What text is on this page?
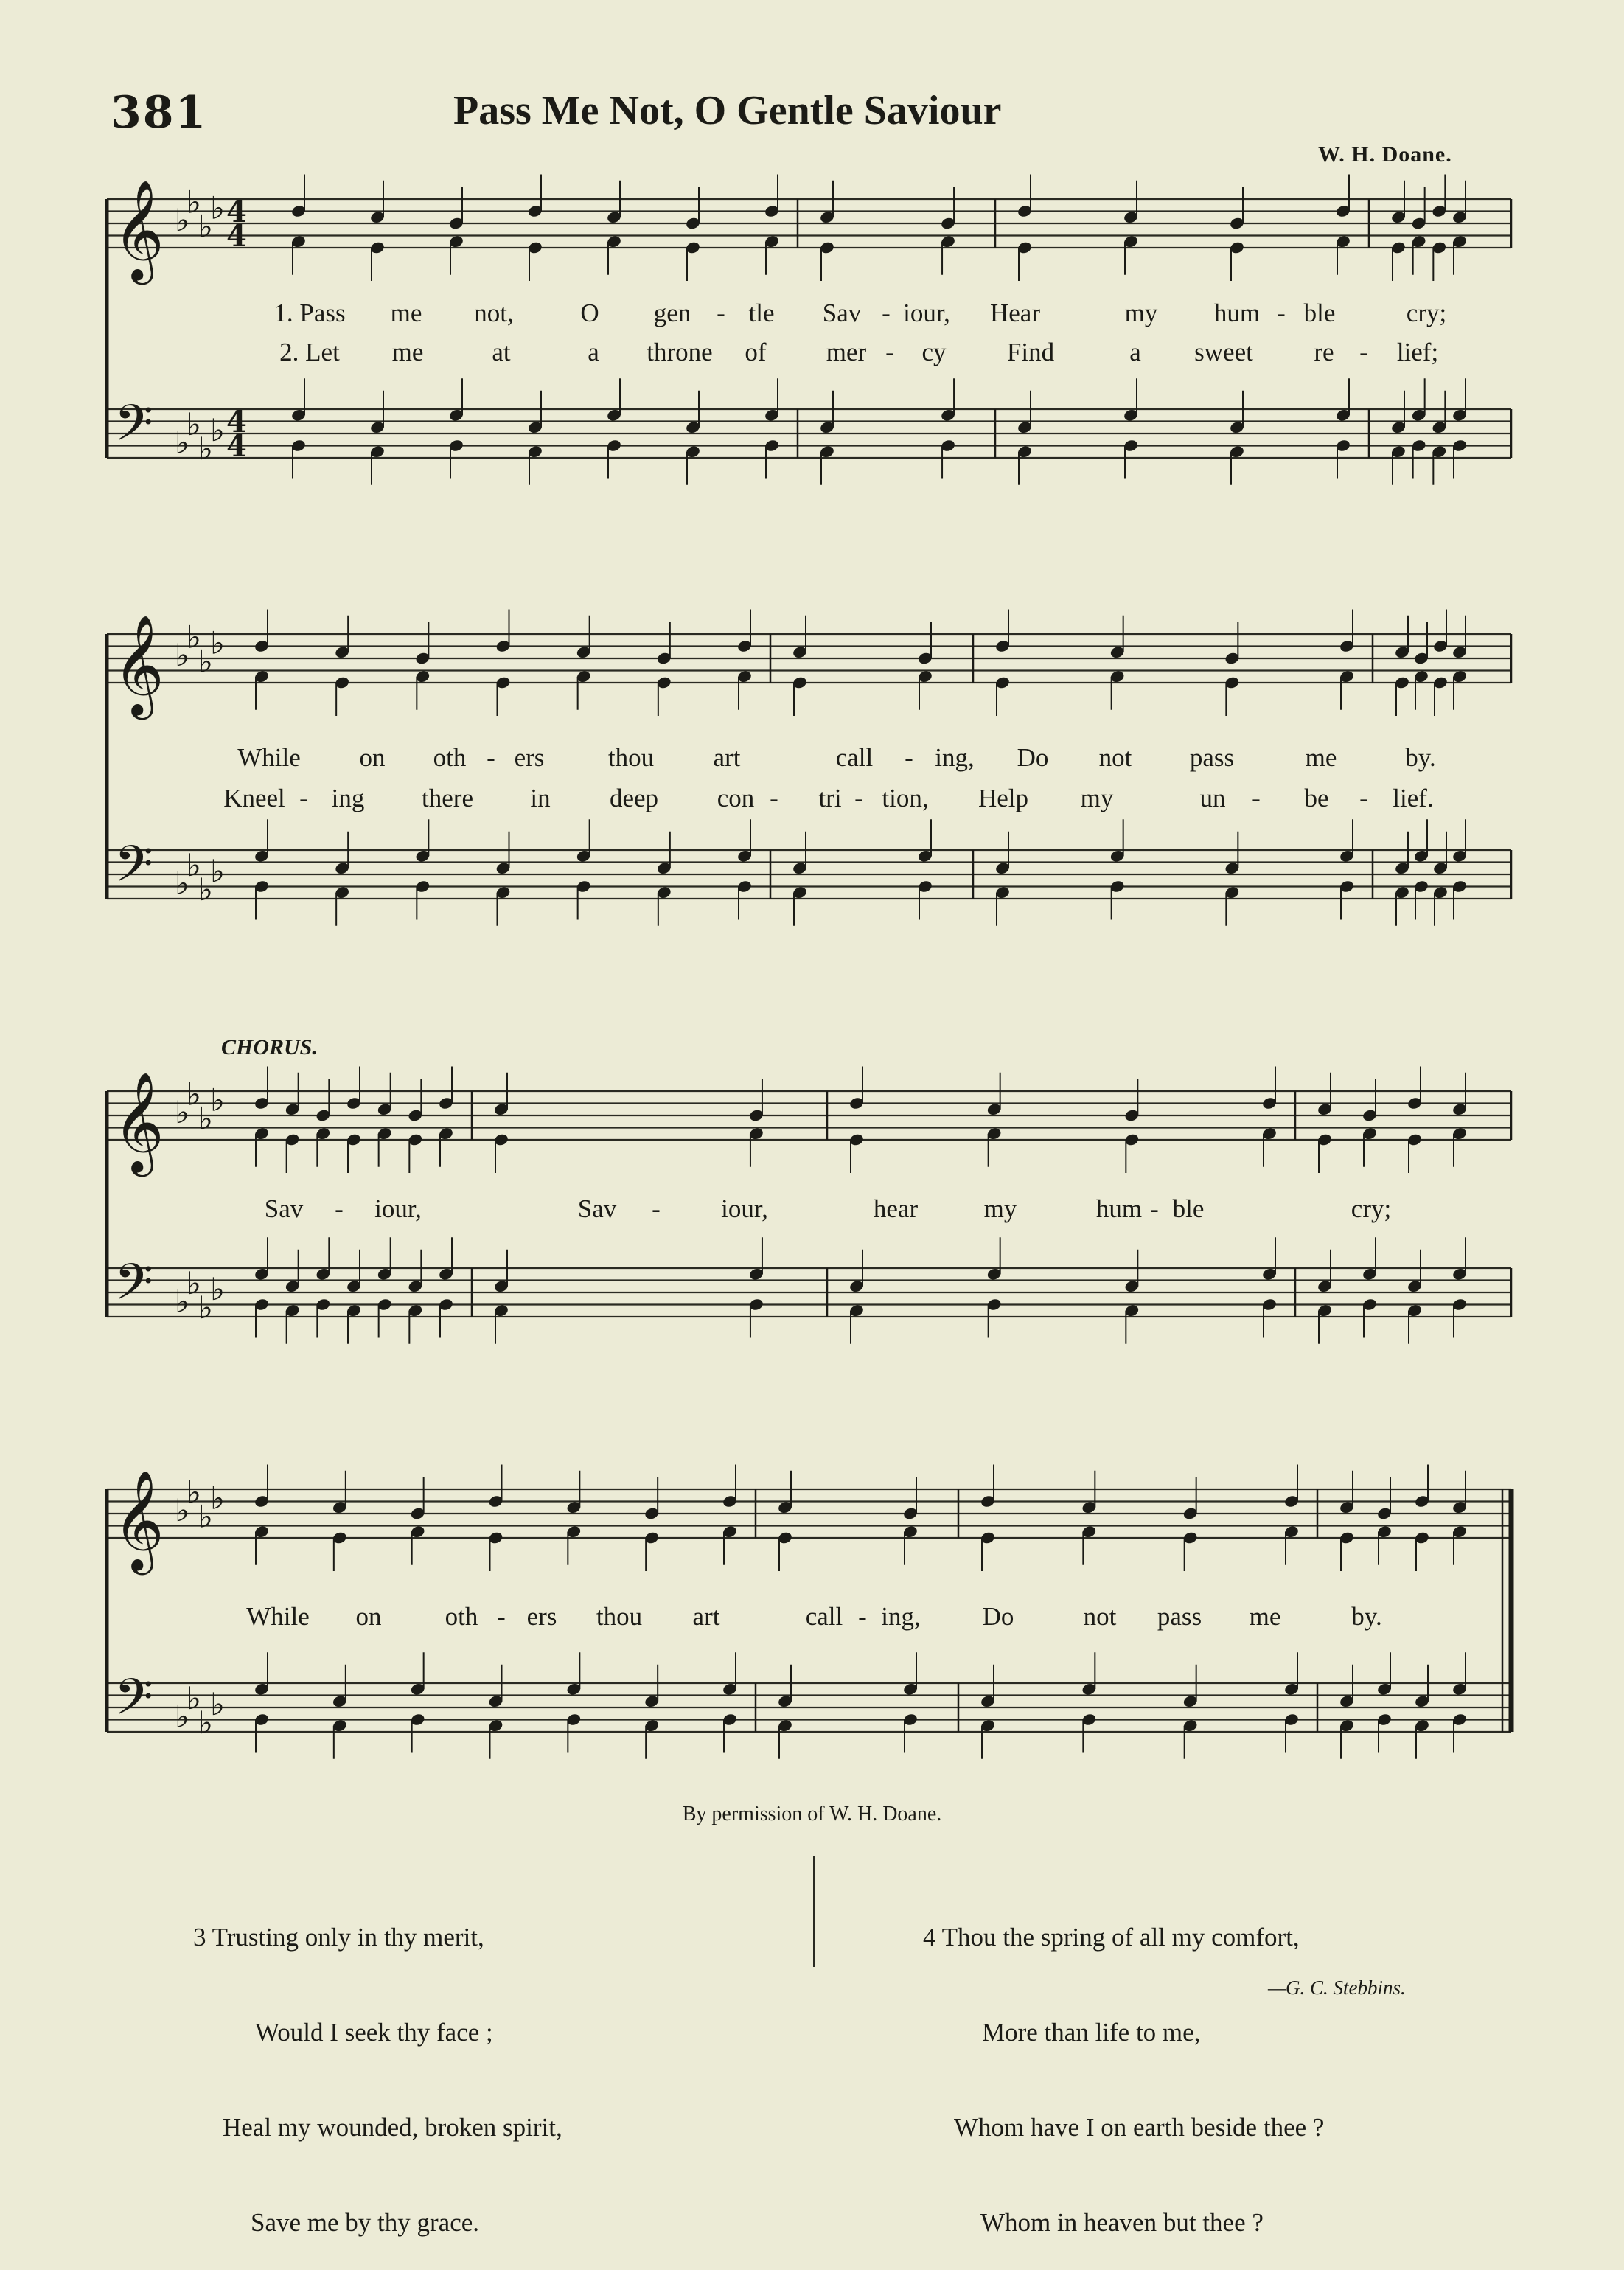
381	Pass Me Not, O Gentle Saviour
W. H. Doane.
𝄞
𝄢
♭
♭
♭
♭
♭
♭
♭
♭
4
4
4
4
𝄞
𝄢
♭
♭
♭
♭
♭
♭
♭
♭
𝄞
𝄢
♭
♭
♭
♭
♭
♭
♭
♭
𝄞
𝄢
♭
♭
♭
♭
♭
♭
♭
♭
CHORUS.
1. Pass me not,	O gen - tle Sav - iour, Hear	my hum - ble	cry;
2. Let me	at	a throne of mer - cy Find	a sweet re - lief;
While on oth - ers thou art	call - ing, Do not pass	me	by.
Kneel - ing there in deep con - tri - tion, Help my	un - be - lief.
Sav - iour,	Sav - iour,	hear	my	hum - ble	cry;
While on oth - ers thou art	call - ing, Do	not pass me	by.
By permission of W. H. Doane.

3 Trusting only in thy merit,

Would I seek thy face ;

Heal my wounded, broken spirit,

Save me by thy grace.

4 Thou the spring of all my comfort,

More than life to me,

Whom have I on earth beside thee ?

Whom in heaven but thee ?

—G. C. Stebbins.
